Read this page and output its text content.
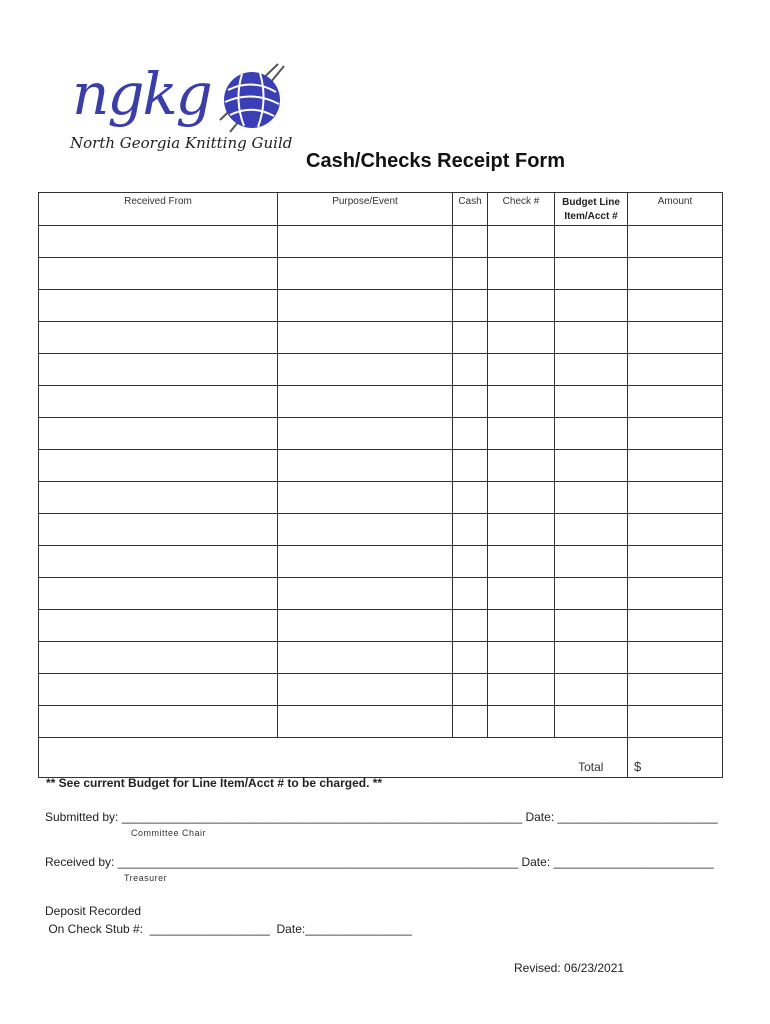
ngkg
North Georgia Knitting Guild
Cash/Checks Receipt Form
Received From	Purpose/Event	Cash	Check #	Budget Line Item/Acct #	Amount

				Total	$
** See current Budget for Line Item/Acct # to be charged. **
Submitted by: ____________________________________________________________ Date: ________________________
Committee Chair
Received by: ____________________________________________________________ Date: ________________________
Treasurer
Deposit Recorded
On Check Stub #:  __________________  Date:________________
Revised: 06/23/2021
